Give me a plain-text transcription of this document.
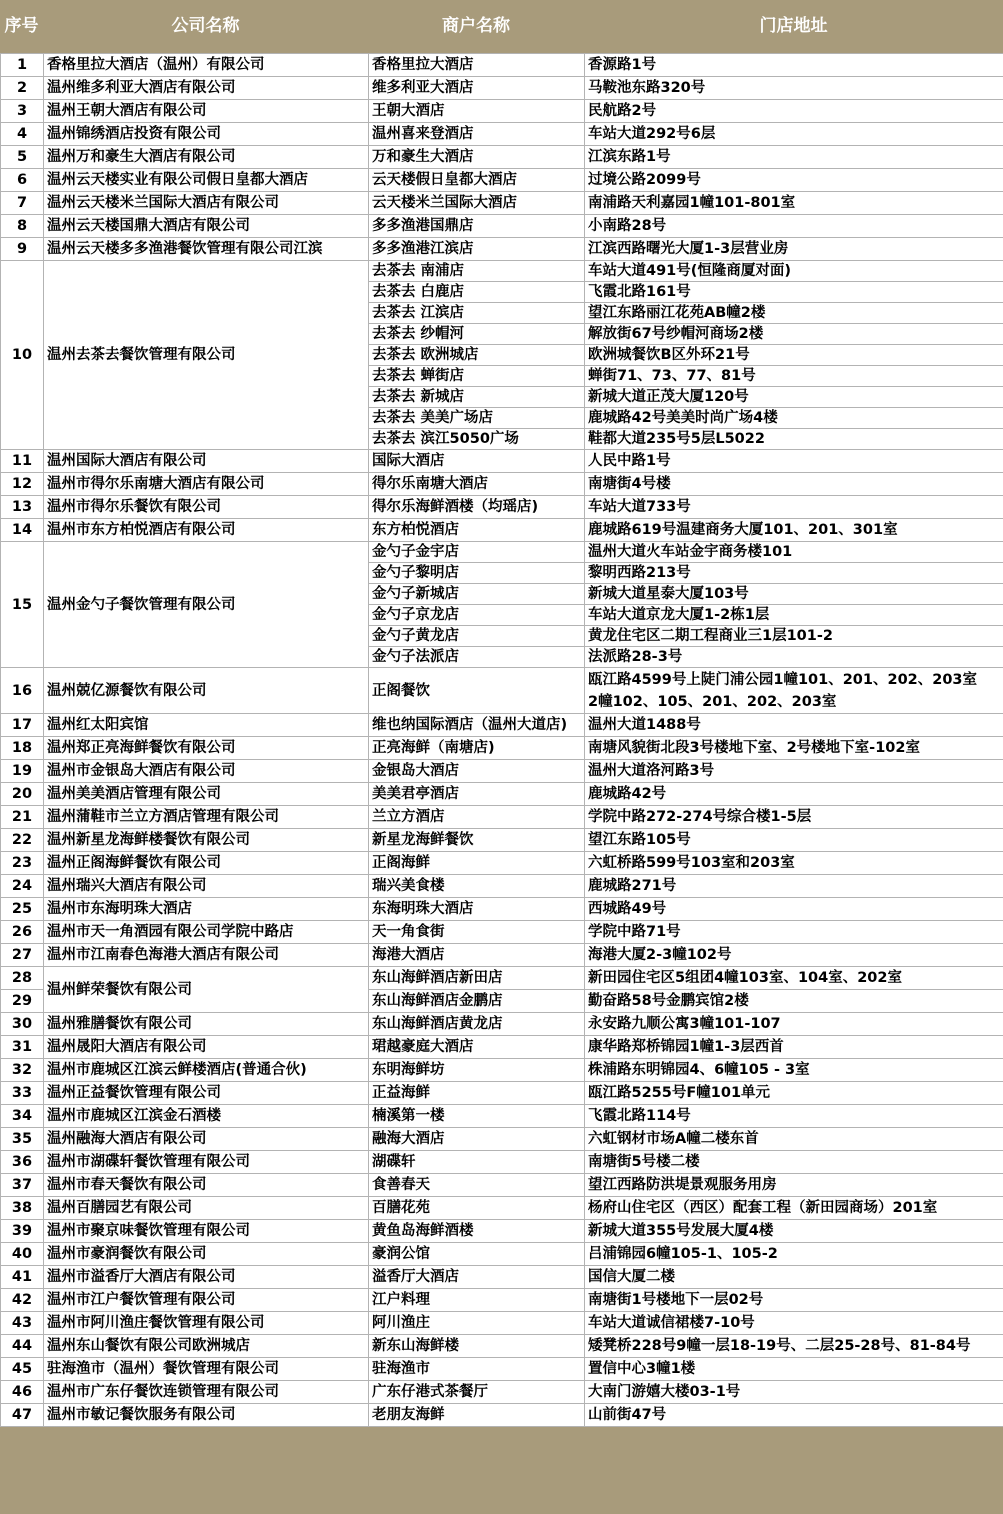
序号	公司名称	商户名称	门店地址
1	香格里拉大酒店（温州）有限公司	香格里拉大酒店	香源路1号
2	温州维多利亚大酒店有限公司	维多利亚大酒店	马鞍池东路320号
3	温州王朝大酒店有限公司	王朝大酒店	民航路2号
4	温州锦绣酒店投资有限公司	温州喜来登酒店	车站大道292号6层
5	温州万和豪生大酒店有限公司	万和豪生大酒店	江滨东路1号
6	温州云天楼实业有限公司假日皇都大酒店	云天楼假日皇都大酒店	过境公路2099号
7	温州云天楼米兰国际大酒店有限公司	云天楼米兰国际大酒店	南浦路天利嘉园1幢101-801室
8	温州云天楼国鼎大酒店有限公司	多多渔港国鼎店	小南路28号
9	温州云天楼多多渔港餐饮管理有限公司江滨	多多渔港江滨店	江滨西路曙光大厦1-3层营业房
10	温州去茶去餐饮管理有限公司	去茶去 南浦店	车站大道491号(恒隆商厦对面)
		去茶去 白鹿店	飞霞北路161号
		去茶去 江滨店	望江东路丽江花苑AB幢2楼
		去茶去 纱帽河	解放街67号纱帽河商场2楼
		去茶去 欧洲城店	欧洲城餐饮B区外环21号
		去茶去 蝉街店	蝉街71、73、77、81号
		去茶去 新城店	新城大道正茂大厦120号
		去茶去 美美广场店	鹿城路42号美美时尚广场4楼
		去茶去 滨江5050广场	鞋都大道235号5层L5022
11	温州国际大酒店有限公司	国际大酒店	人民中路1号
12	温州市得尔乐南塘大酒店有限公司	得尔乐南塘大酒店	南塘街4号楼
13	温州市得尔乐餐饮有限公司	得尔乐海鲜酒楼（均瑶店)	车站大道733号
14	温州市东方柏悦酒店有限公司	东方柏悦酒店	鹿城路619号温建商务大厦101、201、301室
15	温州金勺子餐饮管理有限公司	金勺子金宇店	温州大道火车站金宇商务楼101
		金勺子黎明店	黎明西路213号
		金勺子新城店	新城大道星泰大厦103号
		金勺子京龙店	车站大道京龙大厦1-2栋1层
		金勺子黄龙店	黄龙住宅区二期工程商业三1层101-2
		金勺子法派店	法派路28-3号
16	温州兢亿源餐饮有限公司	正阁餐饮	瓯江路4599号上陡门浦公园1幢101、201、202、203室
2幢102、105、201、202、203室

17	温州红太阳宾馆	维也纳国际酒店（温州大道店)	温州大道1488号
18	温州郑正亮海鲜餐饮有限公司	正亮海鲜（南塘店)	南塘风貌街北段3号楼地下室、2号楼地下室-102室
19	温州市金银岛大酒店有限公司	金银岛大酒店	温州大道洛河路3号
20	温州美美酒店管理有限公司	美美君亭酒店	鹿城路42号
21	温州蒲鞋市兰立方酒店管理有限公司	兰立方酒店	学院中路272-274号综合楼1-5层
22	温州新星龙海鲜楼餐饮有限公司	新星龙海鲜餐饮	望江东路105号
23	温州正阁海鲜餐饮有限公司	正阁海鲜	六虹桥路599号103室和203室
24	温州瑞兴大酒店有限公司	瑞兴美食楼	鹿城路271号
25	温州市东海明珠大酒店	东海明珠大酒店	西城路49号
26	温州市天一角酒园有限公司学院中路店	天一角食街	学院中路71号
27	温州市江南春色海港大酒店有限公司	海港大酒店	海港大厦2-3幢102号
28	温州鲜荣餐饮有限公司	东山海鲜酒店新田店	新田园住宅区5组团4幢103室、104室、202室
29		东山海鲜酒店金鹏店	勤奋路58号金鹏宾馆2楼
30	温州雅膳餐饮有限公司	东山海鲜酒店黄龙店	永安路九顺公寓3幢101-107
31	温州晟阳大酒店有限公司	珺越豪庭大酒店	康华路郑桥锦园1幢1-3层西首
32	温州市鹿城区江滨云鲜楼酒店(普通合伙)	东明海鲜坊	株浦路东明锦园4、6幢105 - 3室
33	温州正益餐饮管理有限公司	正益海鲜	瓯江路5255号F幢101单元
34	温州市鹿城区江滨金石酒楼	楠溪第一楼	飞霞北路114号
35	温州融海大酒店有限公司	融海大酒店	六虹钢材市场A幢二楼东首
36	温州市湖碟轩餐饮管理有限公司	湖碟轩	南塘街5号楼二楼
37	温州市春天餐饮有限公司	食善春天	望江西路防洪堤景观服务用房
38	温州百膳园艺有限公司	百膳花苑	杨府山住宅区（西区）配套工程（新田园商场）201室
39	温州市聚京味餐饮管理有限公司	黄鱼岛海鲜酒楼	新城大道355号发展大厦4楼
40	温州市豪润餐饮有限公司	豪润公馆	吕浦锦园6幢105-1、105-2
41	温州市溢香厅大酒店有限公司	溢香厅大酒店	国信大厦二楼
42	温州市江户餐饮管理有限公司	江户料理	南塘街1号楼地下一层02号
43	温州市阿川渔庄餐饮管理有限公司	阿川渔庄	车站大道诚信裙楼7-10号
44	温州东山餐饮有限公司欧洲城店	新东山海鲜楼	矮凳桥228号9幢一层18-19号、二层25-28号、81-84号
45	驻海渔市（温州）餐饮管理有限公司	驻海渔市	置信中心3幢1楼
46	温州市广东仔餐饮连锁管理有限公司	广东仔港式茶餐厅	大南门游嬉大楼03-1号
47	温州市敏记餐饮服务有限公司	老朋友海鲜	山前街47号
